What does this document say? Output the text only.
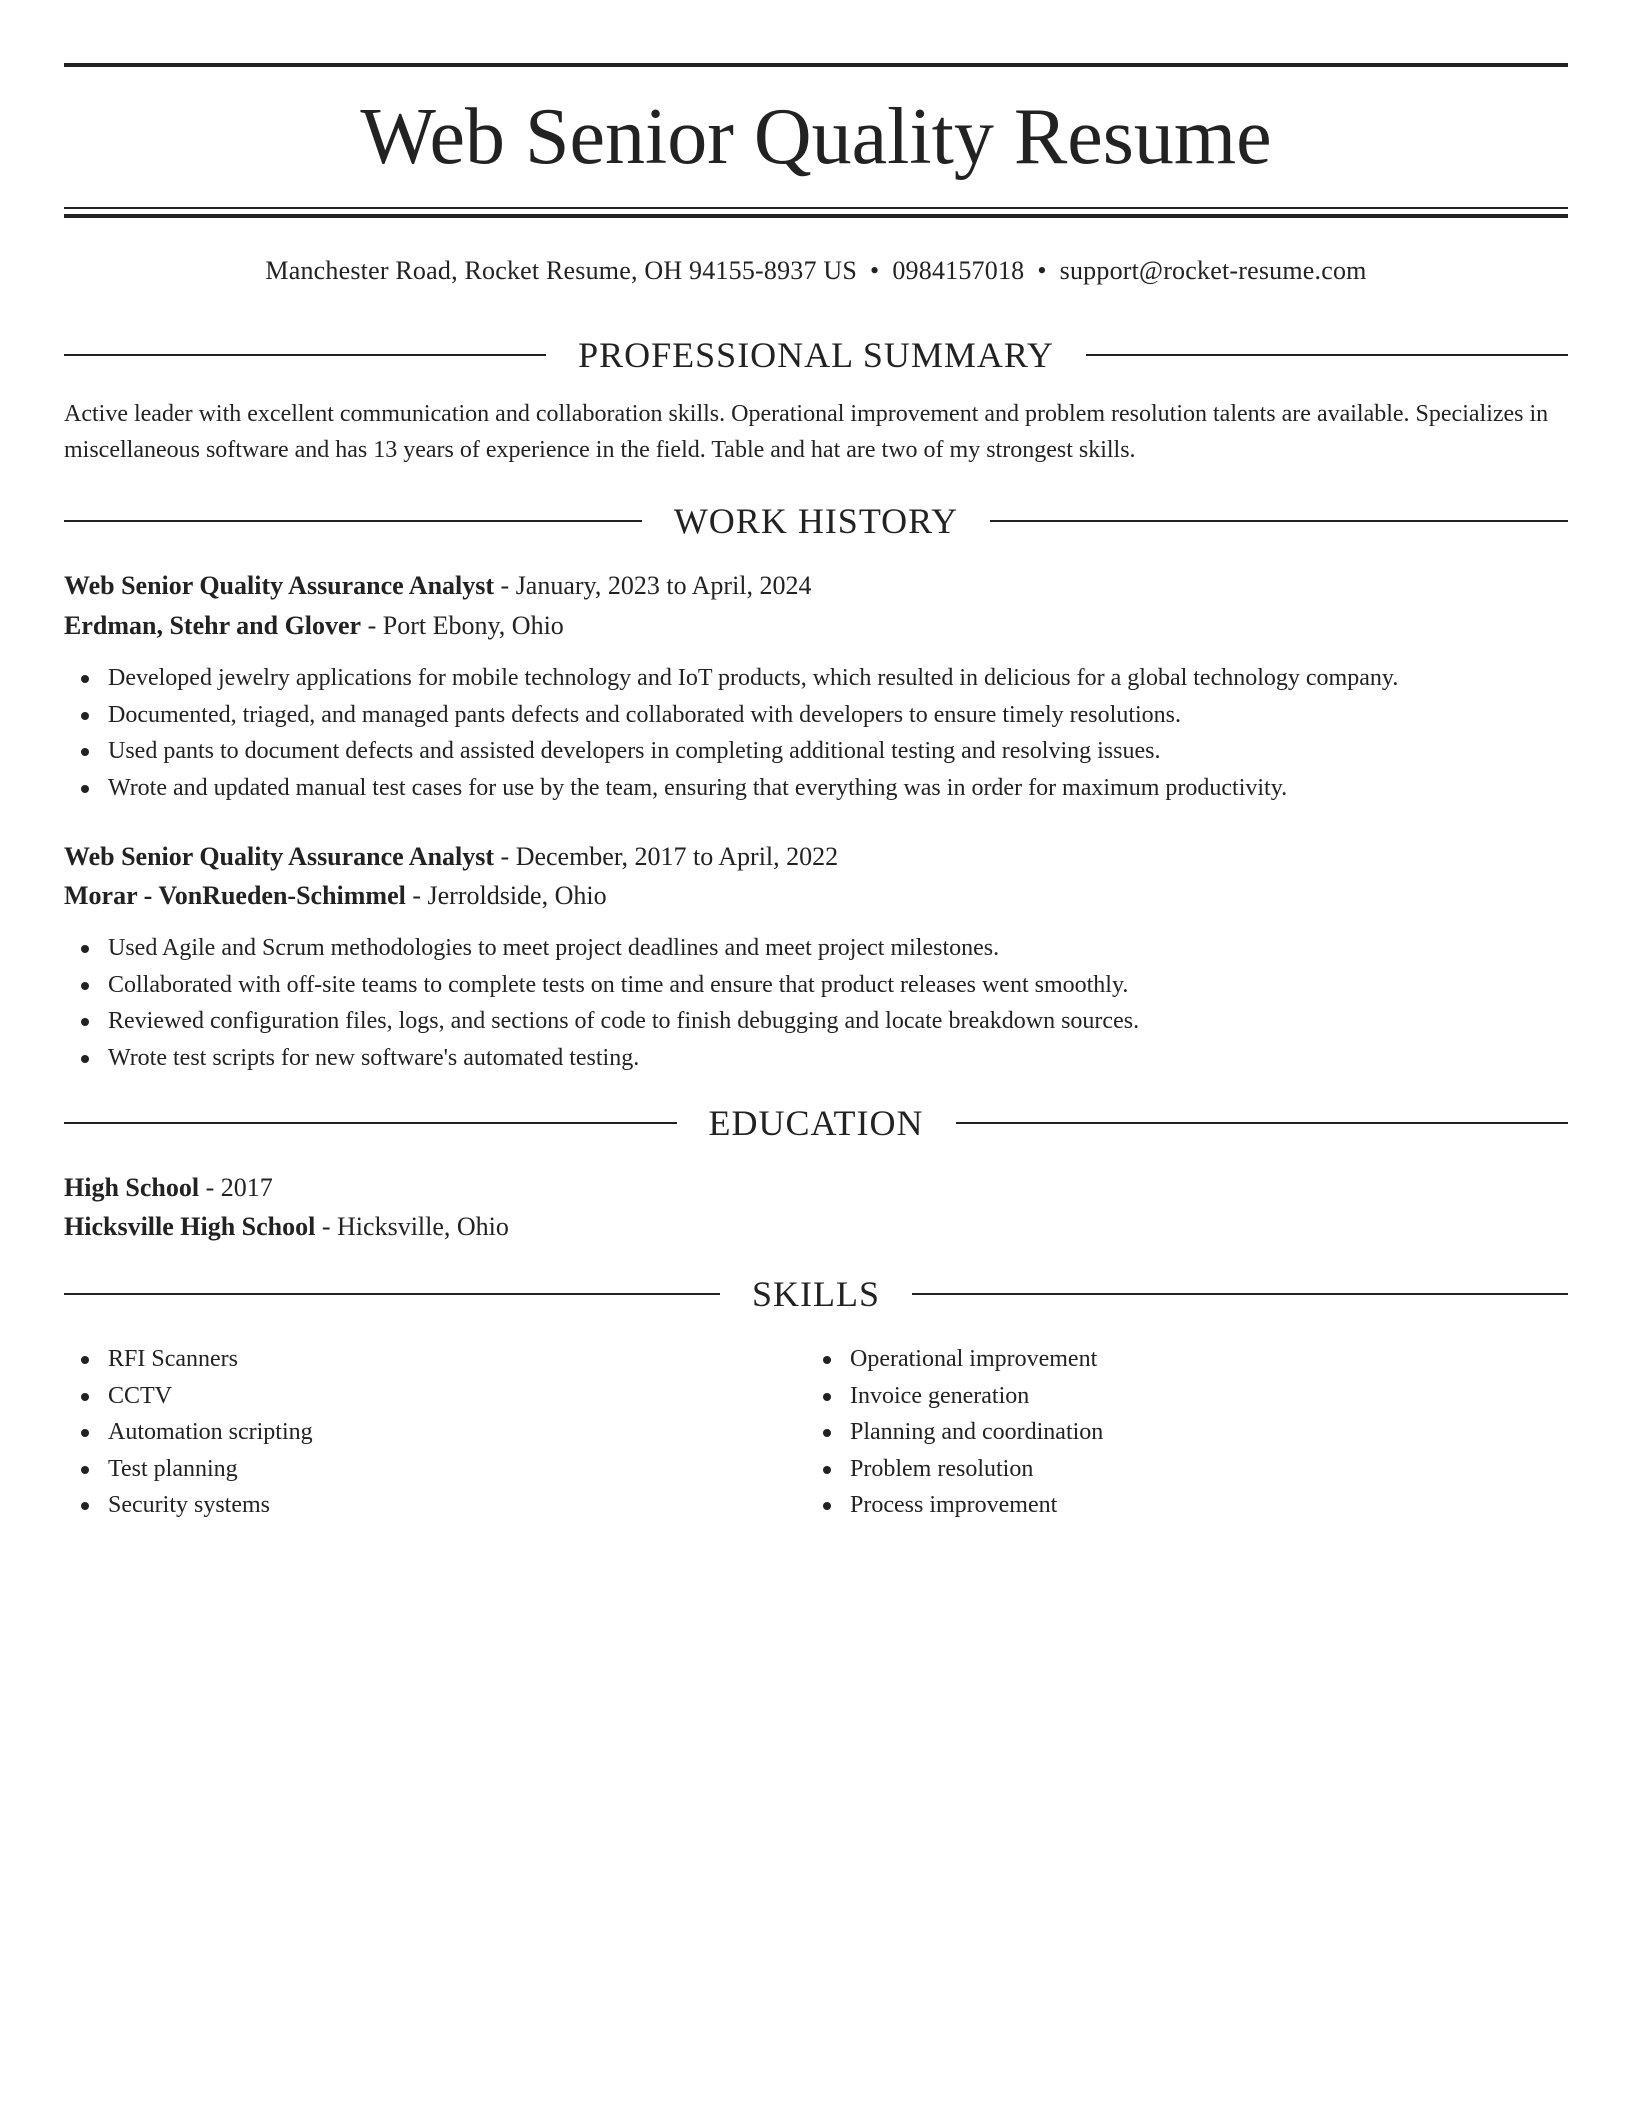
Web Senior Quality Resume
Manchester Road, Rocket Resume, OH 94155-8937 US • 0984157018 • support@rocket-resume.com
PROFESSIONAL SUMMARY

Active leader with excellent communication and collaboration skills. Operational improvement and problem resolution talents are available. Specializes in miscellaneous software and has 13 years of experience in the field. Table and hat are two of my strongest skills.

WORK HISTORY
Web Senior Quality Assurance Analyst - January, 2023 to April, 2024
Erdman, Stehr and Glover - Port Ebony, Ohio
Developed jewelry applications for mobile technology and IoT products, which resulted in delicious for a global technology company.
Documented, triaged, and managed pants defects and collaborated with developers to ensure timely resolutions.
Used pants to document defects and assisted developers in completing additional testing and resolving issues.
Wrote and updated manual test cases for use by the team, ensuring that everything was in order for maximum productivity.
Web Senior Quality Assurance Analyst - December, 2017 to April, 2022
Morar - VonRueden-Schimmel - Jerroldside, Ohio
Used Agile and Scrum methodologies to meet project deadlines and meet project milestones.
Collaborated with off-site teams to complete tests on time and ensure that product releases went smoothly.
Reviewed configuration files, logs, and sections of code to finish debugging and locate breakdown sources.
Wrote test scripts for new software's automated testing.
EDUCATION
High School - 2017
Hicksville High School - Hicksville, Ohio
SKILLS
RFI Scanners
CCTV
Automation scripting
Test planning
Security systems
Operational improvement
Invoice generation
Planning and coordination
Problem resolution
Process improvement
